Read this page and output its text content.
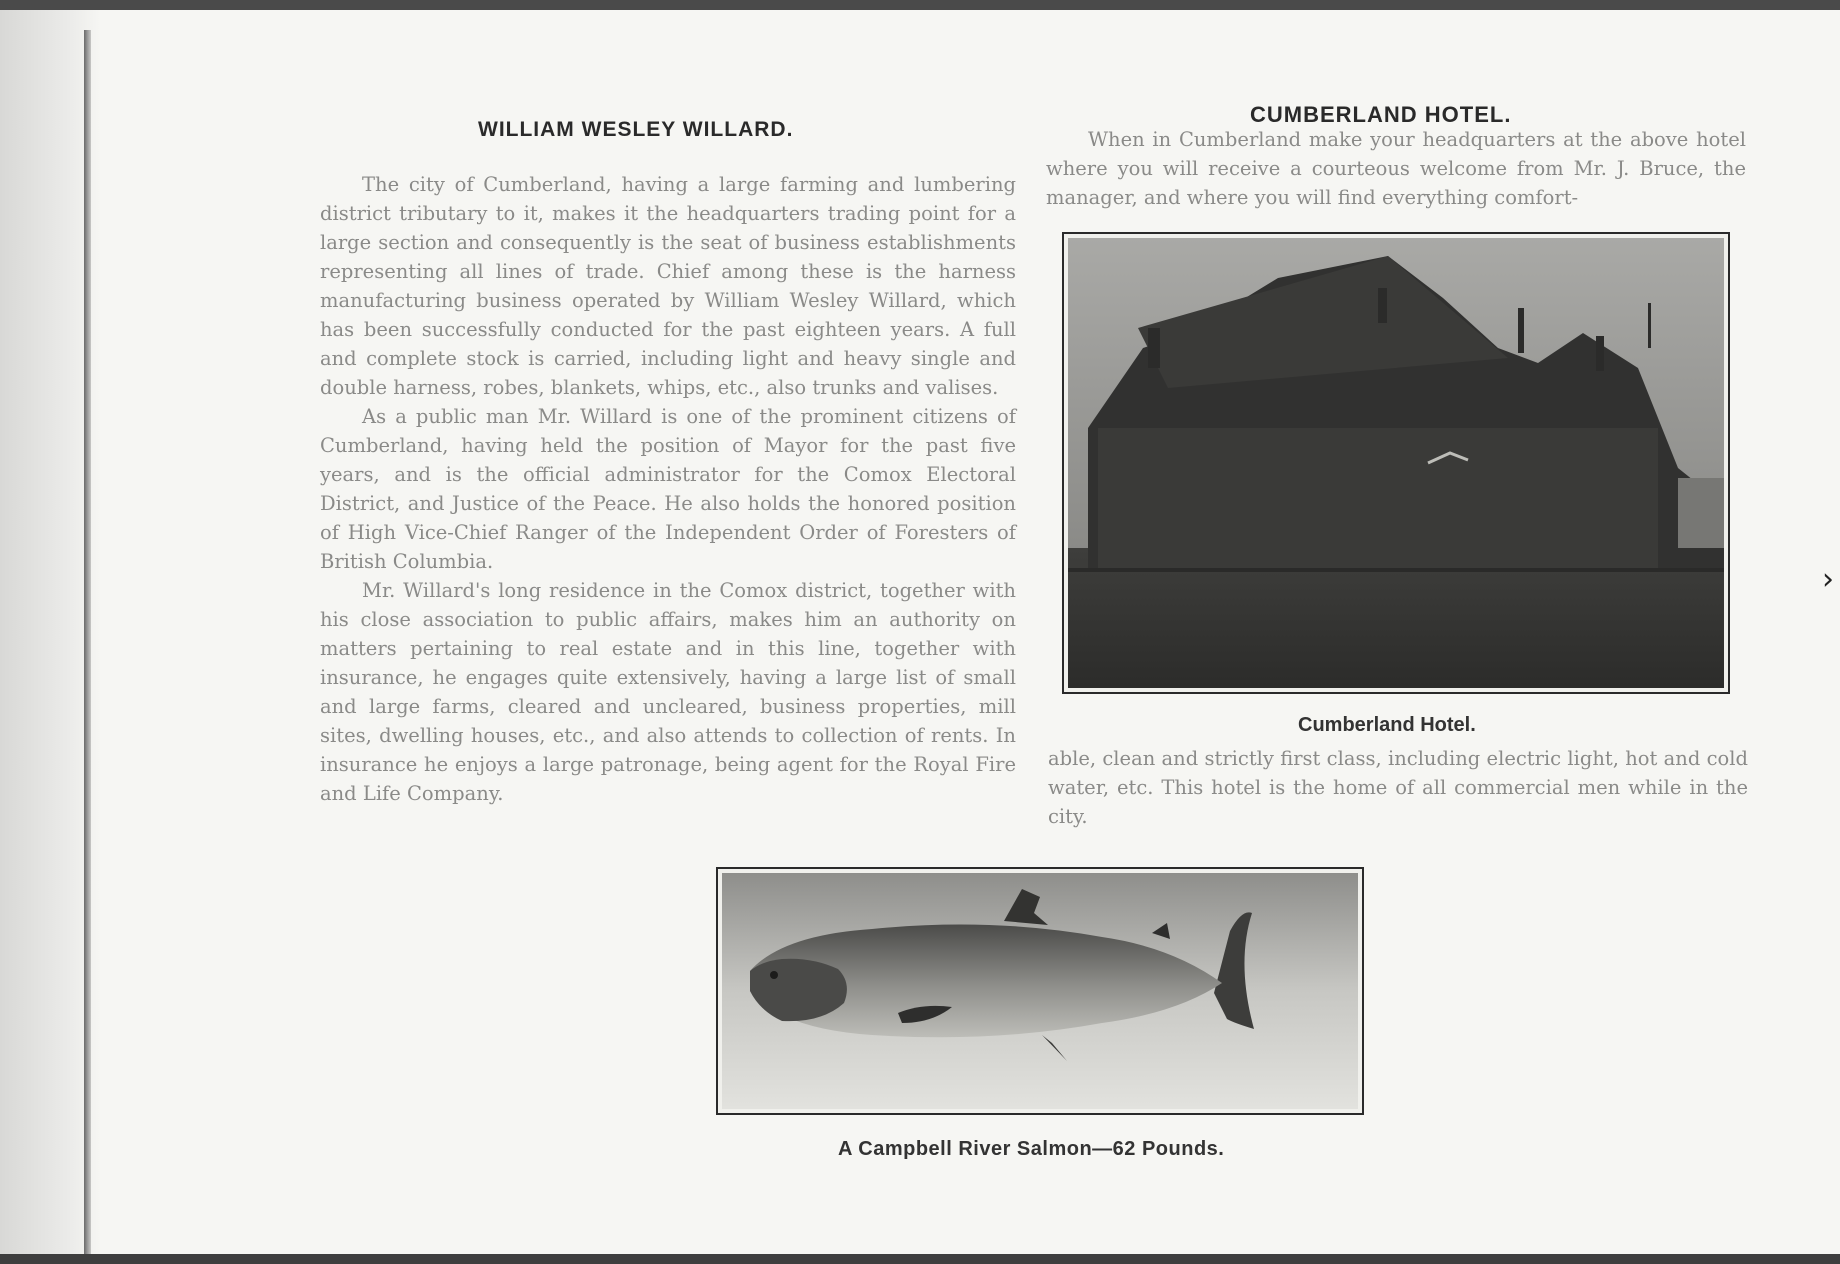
WILLIAM WESLEY WILLARD.

The city of Cumberland, having a large farming and lumbering district tributary to it, makes it the headquarters trading point for a large section and consequently is the seat of business establishments representing all lines of trade. Chief among these is the harness manufacturing business operated by William Wesley Willard, which has been successfully conducted for the past eighteen years. A full and complete stock is carried, including light and heavy single and double harness, robes, blankets, whips, etc., also trunks and valises.

As a public man Mr. Willard is one of the prominent citizens of Cumberland, having held the position of Mayor for the past five years, and is the official administrator for the Comox Electoral District, and Justice of the Peace. He also holds the honored position of High Vice-Chief Ranger of the Independent Order of Foresters of British Columbia.

Mr. Willard's long residence in the Comox district, together with his close association to public affairs, makes him an authority on matters pertaining to real estate and in this line, together with insurance, he engages quite extensively, having a large list of small and large farms, cleared and uncleared, business properties, mill sites, dwelling houses, etc., and also attends to collection of rents. In insurance he enjoys a large patronage, being agent for the Royal Fire and Life Company.

CUMBERLAND HOTEL.

When in Cumberland make your headquarters at the above hotel where you will receive a courteous welcome from Mr. J. Bruce, the manager, and where you will find everything comfort-

Cumberland Hotel.

able, clean and strictly first class, including electric light, hot and cold water, etc. This hotel is the home of all commercial men while in the city.

A Campbell River Salmon—62 Pounds.

›
